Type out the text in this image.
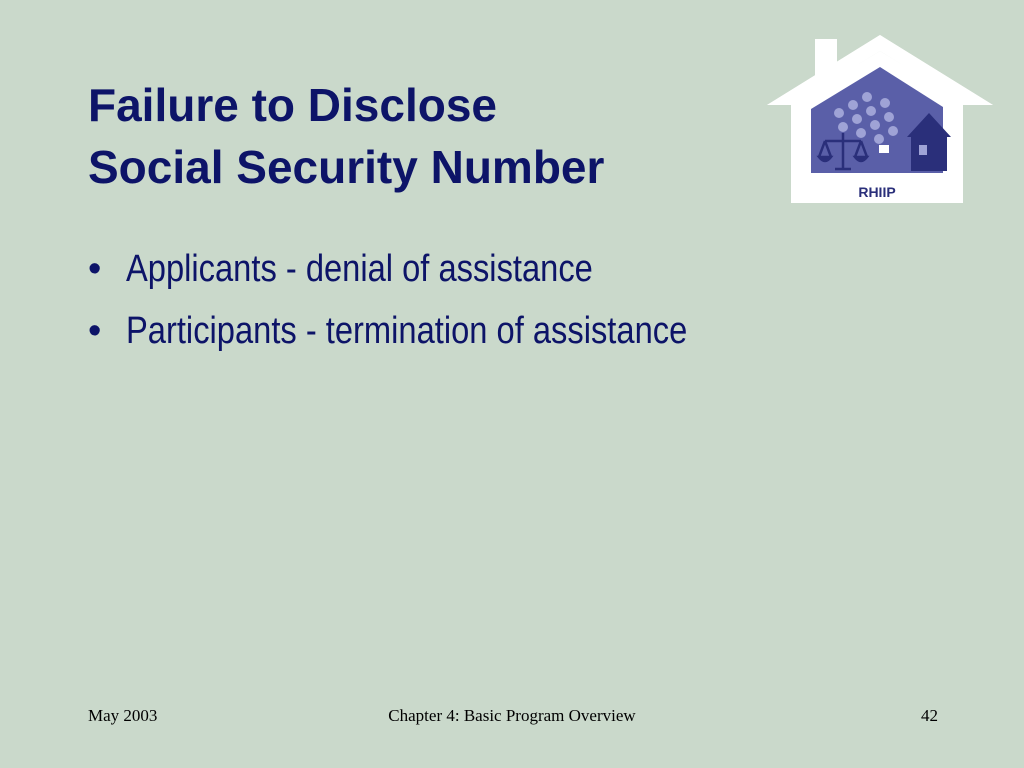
Failure to Disclose
Social Security Number
• Applicants - denial of assistance
• Participants - termination of assistance
RHIIP
May 2003	Chapter 4: Basic Program Overview	42
